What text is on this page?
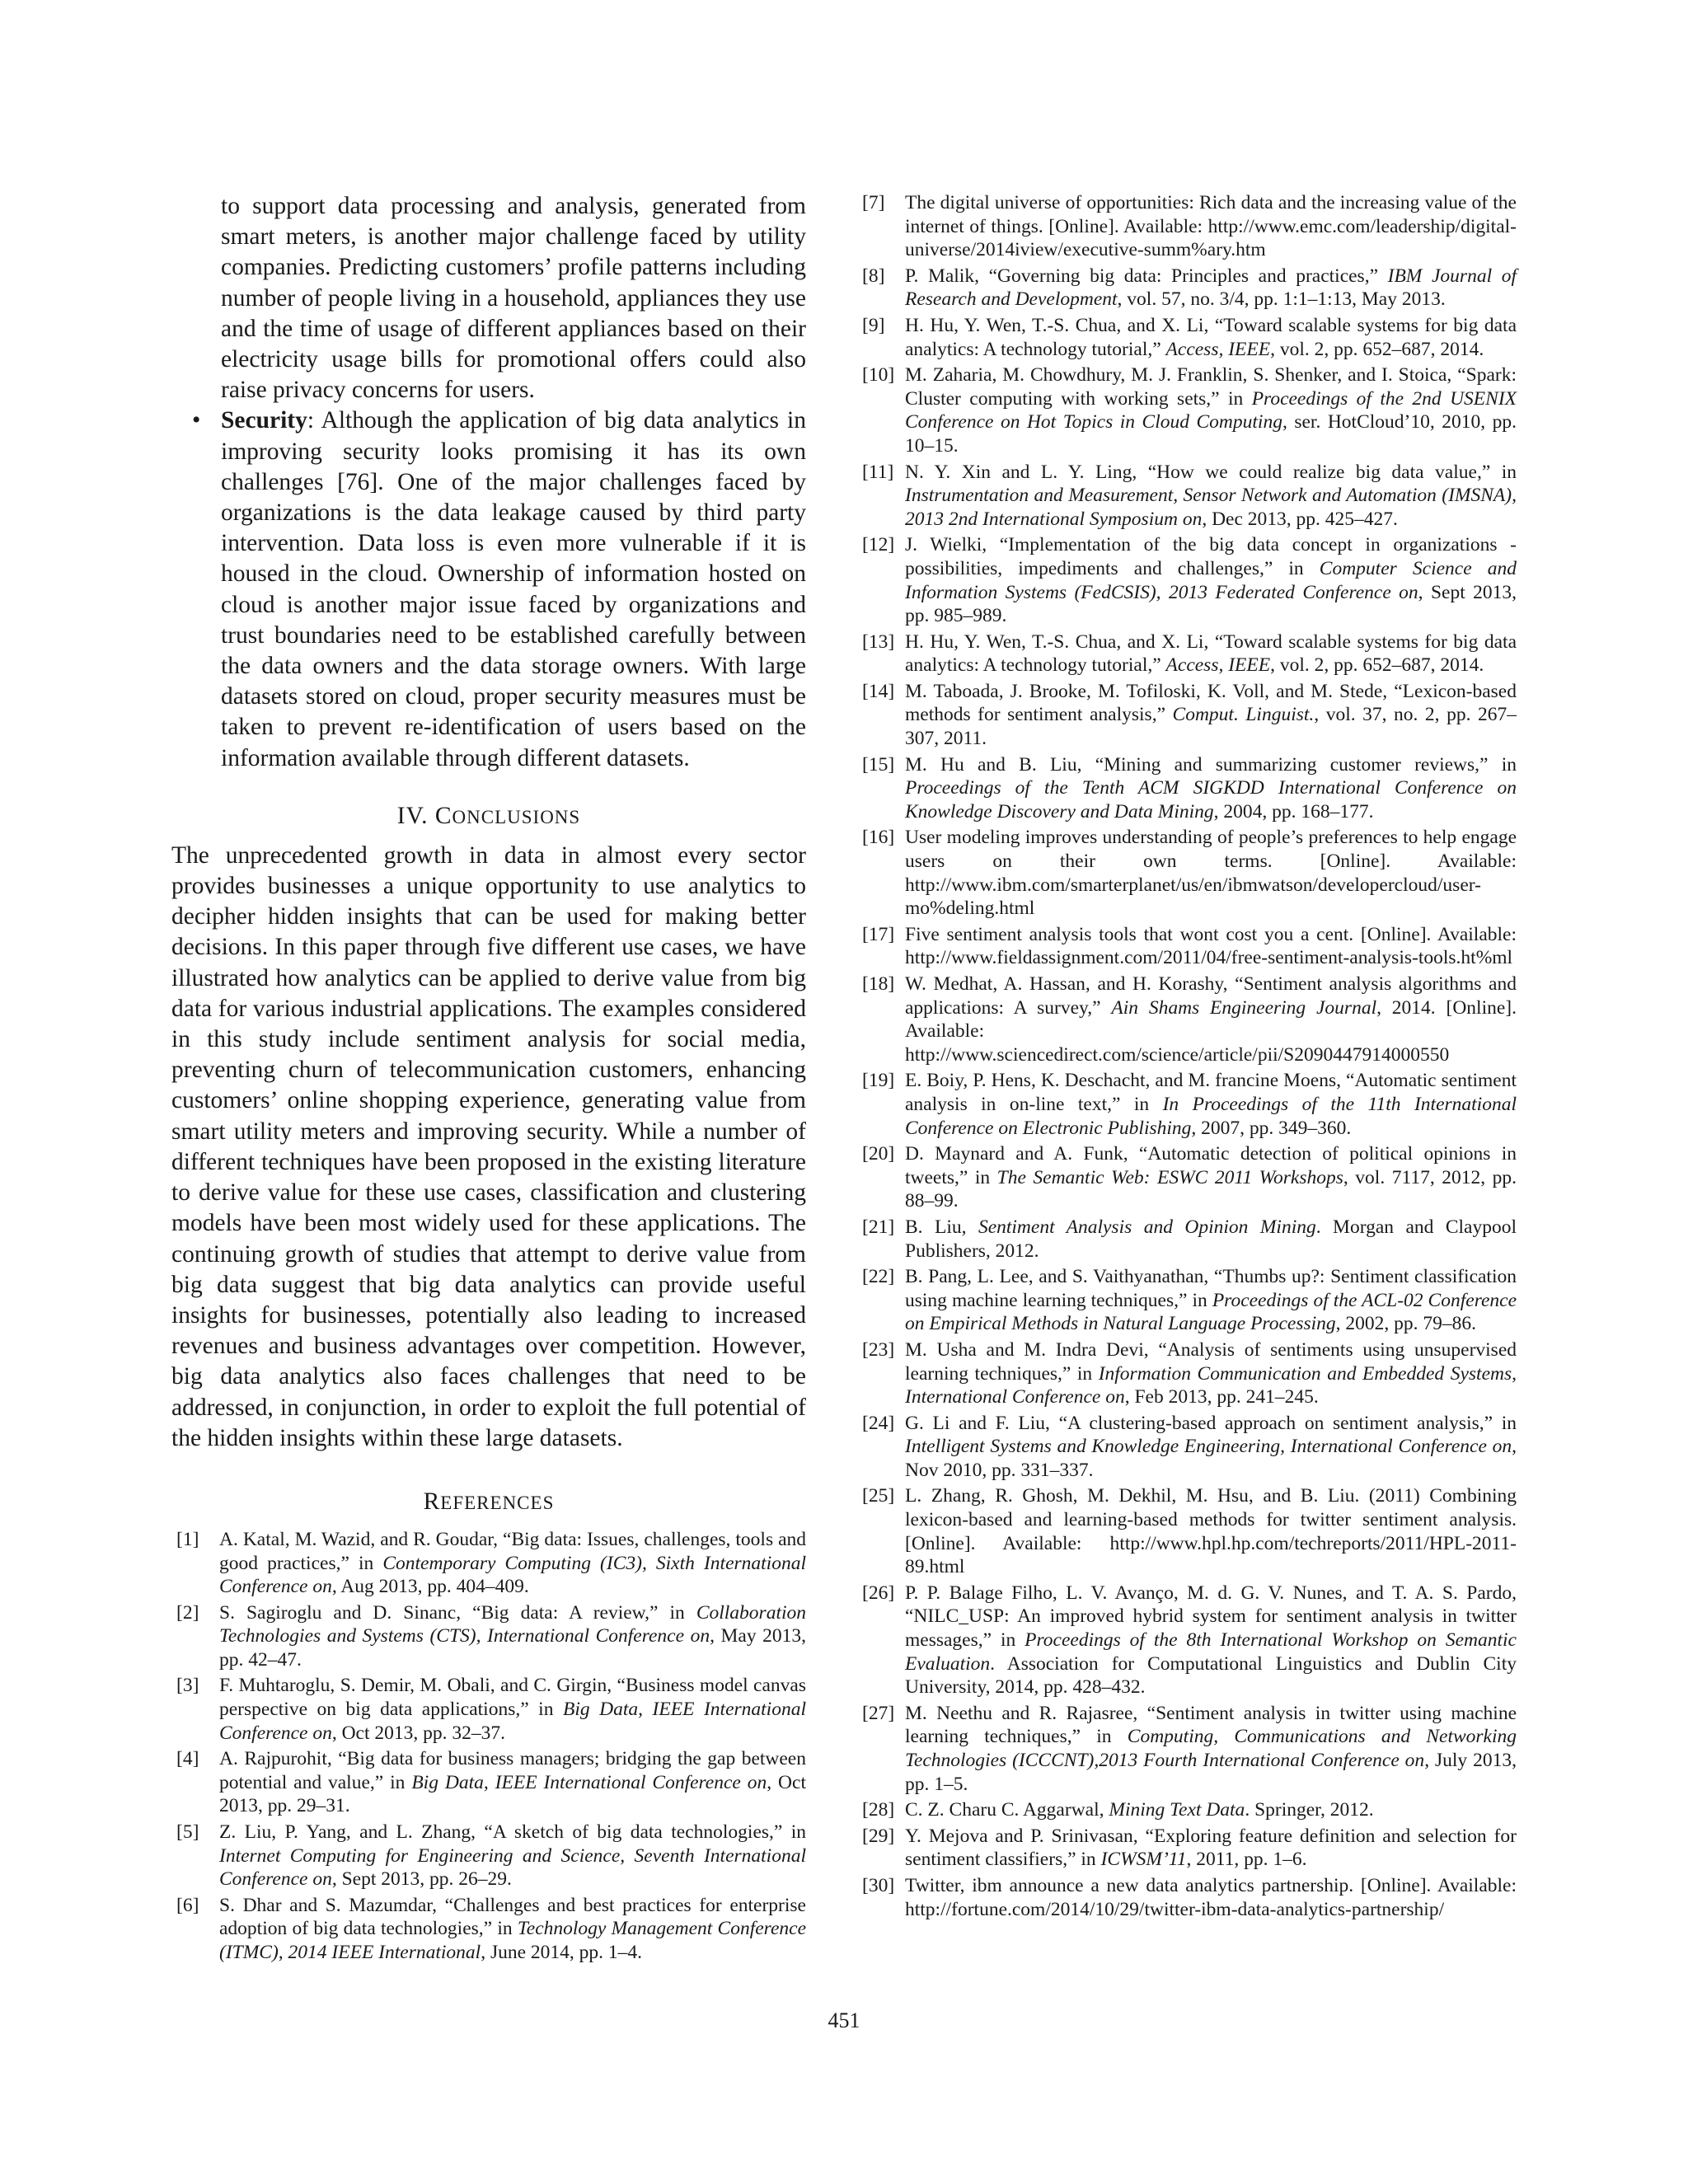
to support data processing and analysis, generated from smart meters, is another major challenge faced by utility companies. Predicting customers’ profile patterns including number of people living in a household, appliances they use and the time of usage of different appliances based on their electricity usage bills for promotional offers could also raise privacy concerns for users.

• Security: Although the application of big data analytics in improving security looks promising it has its own challenges [76]. One of the major challenges faced by organizations is the data leakage caused by third party intervention. Data loss is even more vulnerable if it is housed in the cloud. Ownership of information hosted on cloud is another major issue faced by organizations and trust boundaries need to be established carefully between the data owners and the data storage owners. With large datasets stored on cloud, proper security measures must be taken to prevent re-identification of users based on the information available through different datasets.

IV. CONCLUSIONS

The unprecedented growth in data in almost every sector provides businesses a unique opportunity to use analytics to decipher hidden insights that can be used for making better decisions. In this paper through five different use cases, we have illustrated how analytics can be applied to derive value from big data for various industrial applications. The examples considered in this study include sentiment analysis for social media, preventing churn of telecommunication customers, enhancing customers’ online shopping experience, generating value from smart utility meters and improving security. While a number of different techniques have been proposed in the existing literature to derive value for these use cases, classification and clustering models have been most widely used for these applications. The continuing growth of studies that attempt to derive value from big data suggest that big data analytics can provide useful insights for businesses, potentially also leading to increased revenues and business advantages over competition. However, big data analytics also faces challenges that need to be addressed, in conjunction, in order to exploit the full potential of the hidden insights within these large datasets.

REFERENCES
[1]	A. Katal, M. Wazid, and R. Goudar, “Big data: Issues, challenges, tools and good practices,” in Contemporary Computing (IC3), Sixth International Conference on, Aug 2013, pp. 404–409.
[2]	S. Sagiroglu and D. Sinanc, “Big data: A review,” in Collaboration Technologies and Systems (CTS), International Conference on, May 2013, pp. 42–47.
[3]	F. Muhtaroglu, S. Demir, M. Obali, and C. Girgin, “Business model canvas perspective on big data applications,” in Big Data, IEEE International Conference on, Oct 2013, pp. 32–37.
[4]	A. Rajpurohit, “Big data for business managers; bridging the gap between potential and value,” in Big Data, IEEE International Conference on, Oct 2013, pp. 29–31.
[5]	Z. Liu, P. Yang, and L. Zhang, “A sketch of big data technologies,” in Internet Computing for Engineering and Science, Seventh International Conference on, Sept 2013, pp. 26–29.
[6]	S. Dhar and S. Mazumdar, “Challenges and best practices for enterprise adoption of big data technologies,” in Technology Management Conference (ITMC), 2014 IEEE International, June 2014, pp. 1–4.
[7]	The digital universe of opportunities: Rich data and the increasing value of the internet of things. [Online]. Available: http://www.emc.com/leadership/digital-universe/2014iview/executive-summ%ary.htm
[8]	P. Malik, “Governing big data: Principles and practices,” IBM Journal of Research and Development, vol. 57, no. 3/4, pp. 1:1–1:13, May 2013.
[9]	H. Hu, Y. Wen, T.-S. Chua, and X. Li, “Toward scalable systems for big data analytics: A technology tutorial,” Access, IEEE, vol. 2, pp. 652–687, 2014.
[10] M. Zaharia, M. Chowdhury, M. J. Franklin, S. Shenker, and I. Stoica, “Spark: Cluster computing with working sets,” in Proceedings of the 2nd USENIX Conference on Hot Topics in Cloud Computing, ser. HotCloud’10, 2010, pp. 10–15.
[11] N. Y. Xin and L. Y. Ling, “How we could realize big data value,” in Instrumentation and Measurement, Sensor Network and Automation (IMSNA), 2013 2nd International Symposium on, Dec 2013, pp. 425–427.
[12] J. Wielki, “Implementation of the big data concept in organizations - possibilities, impediments and challenges,” in Computer Science and Information Systems (FedCSIS), 2013 Federated Conference on, Sept 2013, pp. 985–989.
[13] H. Hu, Y. Wen, T.-S. Chua, and X. Li, “Toward scalable systems for big data analytics: A technology tutorial,” Access, IEEE, vol. 2, pp. 652–687, 2014.
[14] M. Taboada, J. Brooke, M. Tofiloski, K. Voll, and M. Stede, “Lexicon-based methods for sentiment analysis,” Comput. Linguist., vol. 37, no. 2, pp. 267–307, 2011.
[15] M. Hu and B. Liu, “Mining and summarizing customer reviews,” in Proceedings of the Tenth ACM SIGKDD International Conference on Knowledge Discovery and Data Mining, 2004, pp. 168–177.
[16] User modeling improves understanding of people’s preferences to help engage users on their own terms. [Online]. Available: http://www.ibm.com/smarterplanet/us/en/ibmwatson/developercloud/user-mo%deling.html
[17] Five sentiment analysis tools that wont cost you a cent. [Online]. Available: http://www.fieldassignment.com/2011/04/free-sentiment-analysis-tools.ht%ml
[18] W. Medhat, A. Hassan, and H. Korashy, “Sentiment analysis algorithms and applications: A survey,” Ain Shams Engineering Journal, 2014. [Online]. Available: http://www.sciencedirect.com/science/article/pii/S2090447914000550
[19] E. Boiy, P. Hens, K. Deschacht, and M. francine Moens, “Automatic sentiment analysis in on-line text,” in In Proceedings of the 11th International Conference on Electronic Publishing, 2007, pp. 349–360.
[20] D. Maynard and A. Funk, “Automatic detection of political opinions in tweets,” in The Semantic Web: ESWC 2011 Workshops, vol. 7117, 2012, pp. 88–99.
[21] B. Liu, Sentiment Analysis and Opinion Mining. Morgan and Claypool Publishers, 2012.
[22] B. Pang, L. Lee, and S. Vaithyanathan, “Thumbs up?: Sentiment classification using machine learning techniques,” in Proceedings of the ACL-02 Conference on Empirical Methods in Natural Language Processing, 2002, pp. 79–86.
[23] M. Usha and M. Indra Devi, “Analysis of sentiments using unsupervised learning techniques,” in Information Communication and Embedded Systems, International Conference on, Feb 2013, pp. 241–245.
[24] G. Li and F. Liu, “A clustering-based approach on sentiment analysis,” in Intelligent Systems and Knowledge Engineering, International Conference on, Nov 2010, pp. 331–337.
[25] L. Zhang, R. Ghosh, M. Dekhil, M. Hsu, and B. Liu. (2011) Combining lexicon-based and learning-based methods for twitter sentiment analysis. [Online]. Available: http://www.hpl.hp.com/techreports/2011/HPL-2011-89.html
[26] P. P. Balage Filho, L. V. Avanço, M. d. G. V. Nunes, and T. A. S. Pardo, “NILC_USP: An improved hybrid system for sentiment analysis in twitter messages,” in Proceedings of the 8th International Workshop on Semantic Evaluation. Association for Computational Linguistics and Dublin City University, 2014, pp. 428–432.
[27] M. Neethu and R. Rajasree, “Sentiment analysis in twitter using machine learning techniques,” in Computing, Communications and Networking Technologies (ICCCNT),2013 Fourth International Conference on, July 2013, pp. 1–5.
[28] C. Z. Charu C. Aggarwal, Mining Text Data. Springer, 2012.
[29] Y. Mejova and P. Srinivasan, “Exploring feature definition and selection for sentiment classifiers,” in ICWSM’11, 2011, pp. 1–6.
[30] Twitter, ibm announce a new data analytics partnership. [Online]. Available: http://fortune.com/2014/10/29/twitter-ibm-data-analytics-partnership/
451
